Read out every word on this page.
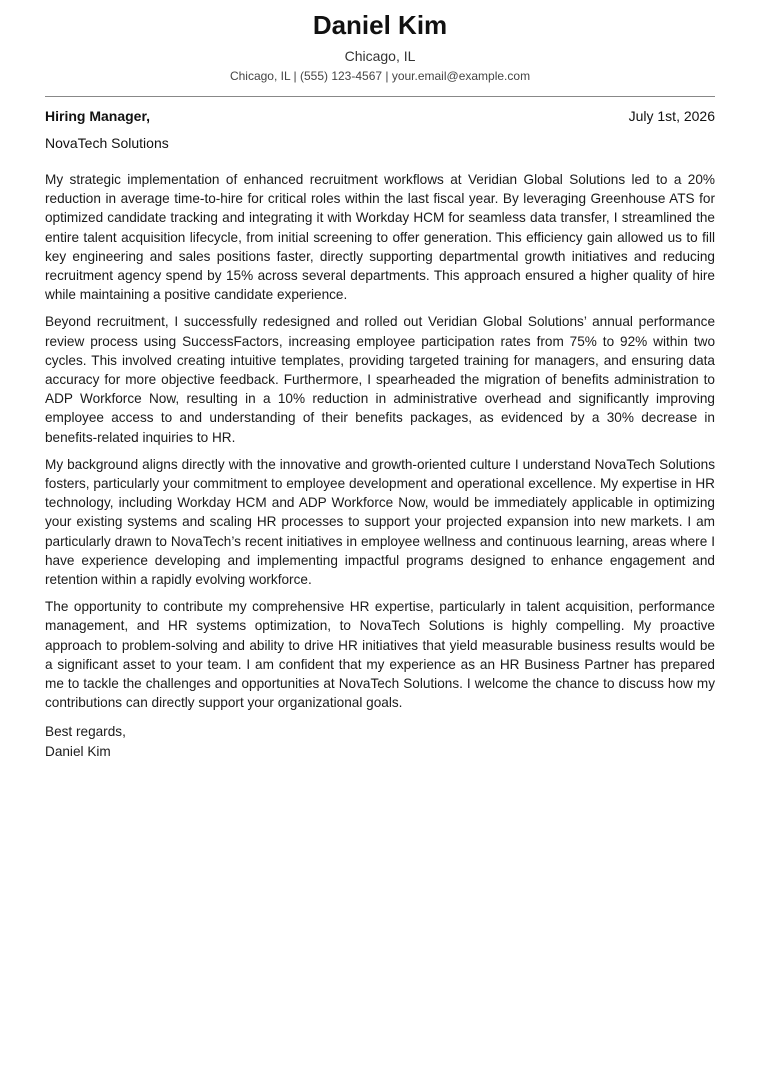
Daniel Kim
Chicago, IL
Chicago, IL | (555) 123-4567 | your.email@example.com
Hiring Manager,	July 1st, 2026
NovaTech Solutions

My strategic implementation of enhanced recruitment workflows at Veridian Global Solutions led to a 20% reduction in average time-to-hire for critical roles within the last fiscal year. By leveraging Greenhouse ATS for optimized candidate tracking and integrating it with Workday HCM for seamless data transfer, I streamlined the entire talent acquisition lifecycle, from initial screening to offer generation. This efficiency gain allowed us to fill key engineering and sales positions faster, directly supporting departmental growth initiatives and reducing recruitment agency spend by 15% across several departments. This approach ensured a higher quality of hire while maintaining a positive candidate experience.

Beyond recruitment, I successfully redesigned and rolled out Veridian Global Solutions’ annual performance review process using SuccessFactors, increasing employee participation rates from 75% to 92% within two cycles. This involved creating intuitive templates, providing targeted training for managers, and ensuring data accuracy for more objective feedback. Furthermore, I spearheaded the migration of benefits administration to ADP Workforce Now, resulting in a 10% reduction in administrative overhead and significantly improving employee access to and understanding of their benefits packages, as evidenced by a 30% decrease in benefits-related inquiries to HR.

My background aligns directly with the innovative and growth-oriented culture I understand NovaTech Solutions fosters, particularly your commitment to employee development and operational excellence. My expertise in HR technology, including Workday HCM and ADP Workforce Now, would be immediately applicable in optimizing your existing systems and scaling HR processes to support your projected expansion into new markets. I am particularly drawn to NovaTech’s recent initiatives in employee wellness and continuous learning, areas where I have experience developing and implementing impactful programs designed to enhance engagement and retention within a rapidly evolving workforce.

The opportunity to contribute my comprehensive HR expertise, particularly in talent acquisition, performance management, and HR systems optimization, to NovaTech Solutions is highly compelling. My proactive approach to problem-solving and ability to drive HR initiatives that yield measurable business results would be a significant asset to your team. I am confident that my experience as an HR Business Partner has prepared me to tackle the challenges and opportunities at NovaTech Solutions. I welcome the chance to discuss how my contributions can directly support your organizational goals.

Best regards,
Daniel Kim
